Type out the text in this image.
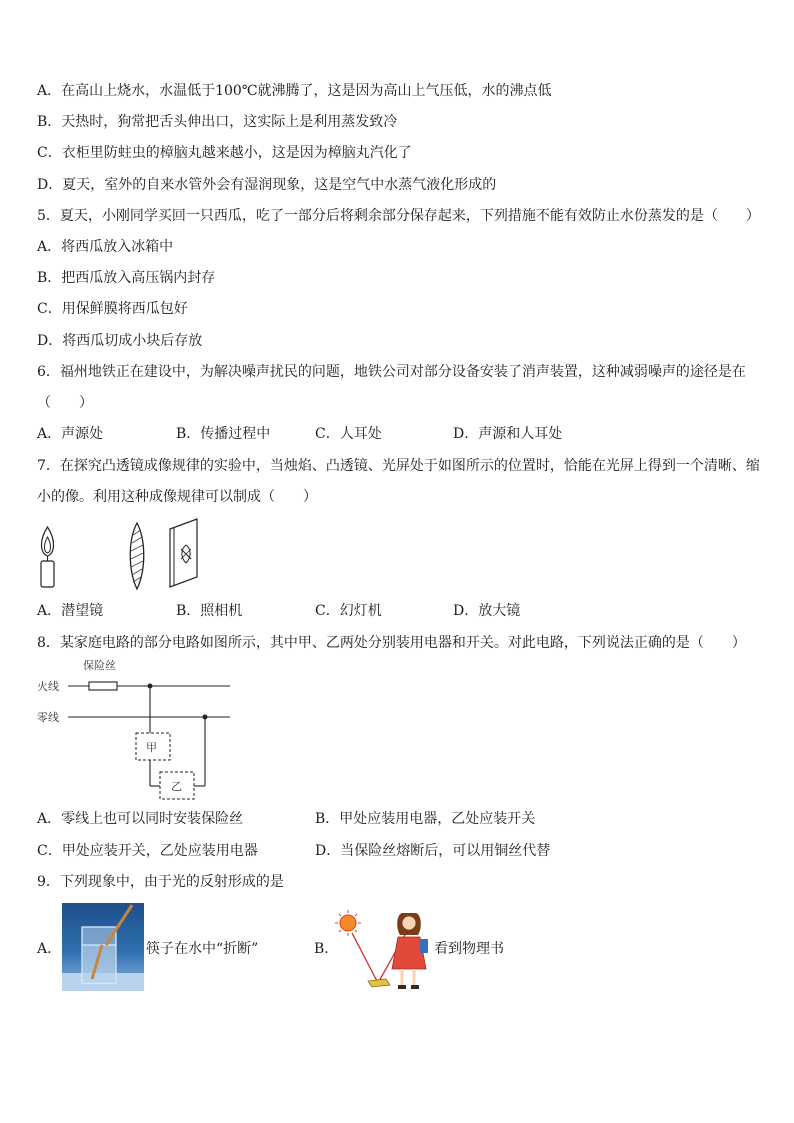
A．在高山上烧水，水温低于100℃就沸腾了，这是因为高山上气压低，水的沸点低
B．天热时，狗常把舌头伸出口，这实际上是利用蒸发致冷
C．衣柜里防蛀虫的樟脑丸越来越小，这是因为樟脑丸汽化了
D．夏天，室外的自来水管外会有湿润现象，这是空气中水蒸气液化形成的
5．夏天，小刚同学买回一只西瓜，吃了一部分后将剩余部分保存起来，下列措施不能有效防止水份蒸发的是（　　）
A．将西瓜放入冰箱中
B．把西瓜放入高压锅内封存
C．用保鲜膜将西瓜包好
D．将西瓜切成小块后存放
6．福州地铁正在建设中，为解决噪声扰民的问题，地铁公司对部分设备安装了消声装置，这种减弱噪声的途径是在
（　　）
A．声源处	B．传播过程中	C．人耳处	D．声源和人耳处
7．在探究凸透镜成像规律的实验中，当烛焰、凸透镜、光屏处于如图所示的位置时，恰能在光屏上得到一个清晰、缩
小的像。利用这种成像规律可以制成（　　）
A．潜望镜	B．照相机	C．幻灯机	D．放大镜
8．某家庭电路的部分电路如图所示，其中甲、乙两处分别装用电器和开关。对此电路，下列说法正确的是（　　）
保险丝
火线
零线
甲
乙
A．零线上也可以同时安装保险丝	B．甲处应装用电器，乙处应装开关
C．甲处应装开关，乙处应装用电器	D．当保险丝熔断后，可以用铜丝代替
9．下列现象中，由于光的反射形成的是
A．	筷子在水中“折断”	B．	看到物理书
